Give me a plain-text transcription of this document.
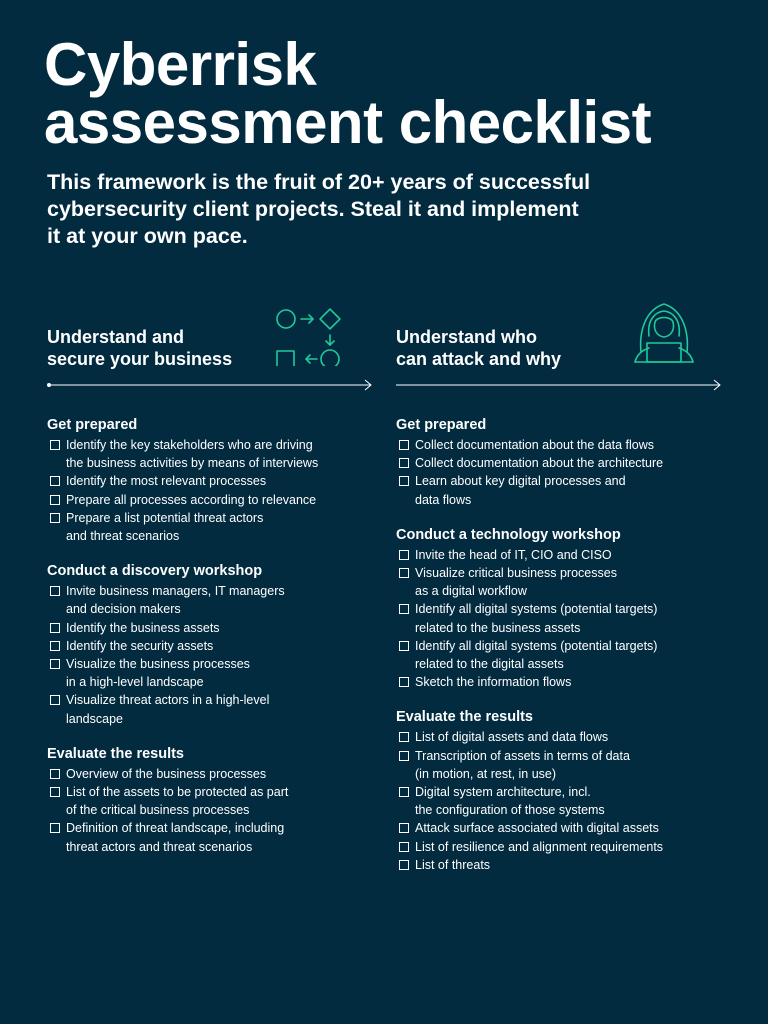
Cyberrisk
assessment checklist
This framework is the fruit of 20+ years of successful
cybersecurity client projects. Steal it and implement
it at your own pace.
Understand and
secure your business
Get prepared
Identify the key stakeholders who are driving
the business activities by means of interviews
Identify the most relevant processes
Prepare all processes according to relevance
Prepare a list potential threat actors
and threat scenarios
Conduct a discovery workshop
Invite business managers, IT managers
and decision makers
Identify the business assets
Identify the security assets
Visualize the business processes
in a high-level landscape
Visualize threat actors in a high-level
landscape
Evaluate the results
Overview of the business processes
List of the assets to be protected as part
of the critical business processes
Definition of threat landscape, including
threat actors and threat scenarios
Understand who
can attack and why
Get prepared
Collect documentation about the data flows
Collect documentation about the architecture
Learn about key digital processes and
data flows
Conduct a technology workshop
Invite the head of IT, CIO and CISO
Visualize critical business processes
as a digital workflow
Identify all digital systems (potential targets)
related to the business assets
Identify all digital systems (potential targets)
related to the digital assets
Sketch the information flows
Evaluate the results
List of digital assets and data flows
Transcription of assets in terms of data
(in motion, at rest, in use)
Digital system architecture, incl.
the configuration of those systems
Attack surface associated with digital assets
List of resilience and alignment requirements
List of threats
